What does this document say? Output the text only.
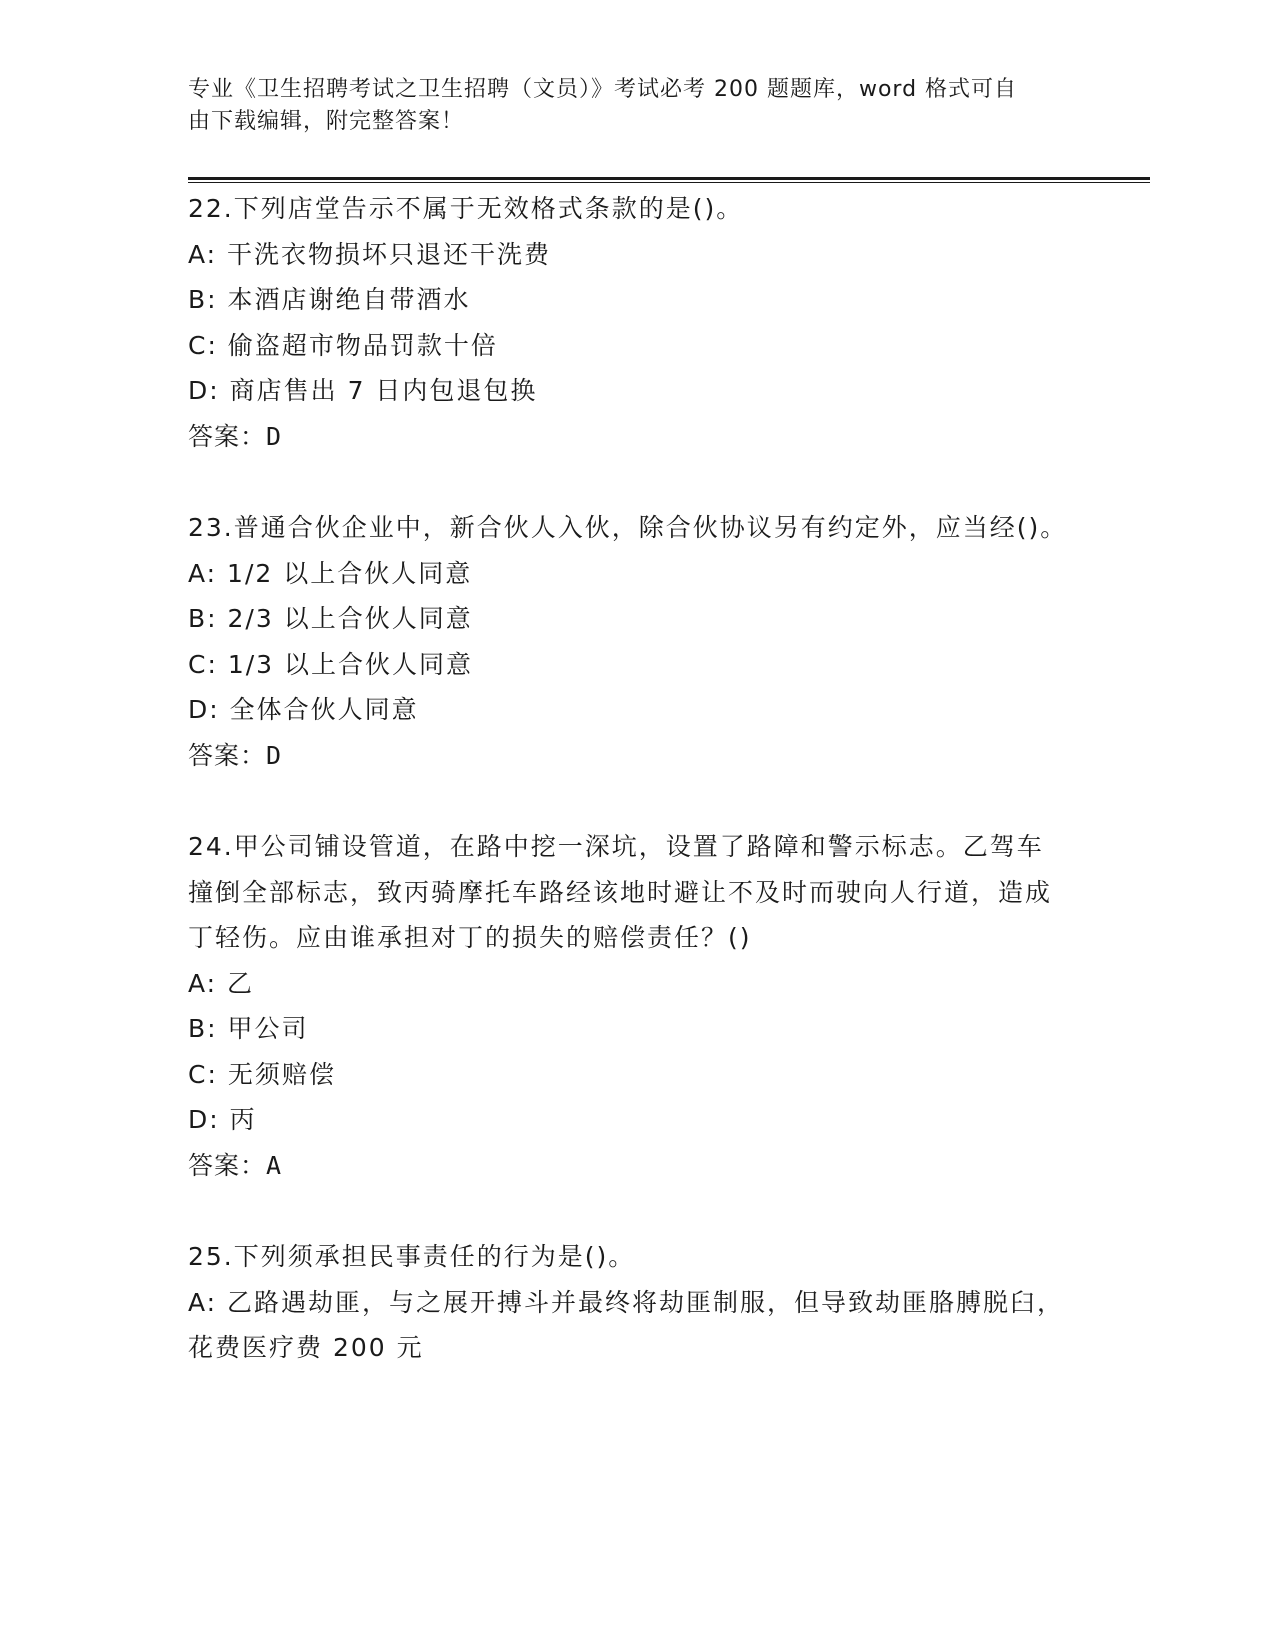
专业《卫生招聘考试之卫生招聘（文员）》考试必考 200 题题库，word 格式可自
由下载编辑，附完整答案！
22.下列店堂告示不属于无效格式条款的是()。
A: 干洗衣物损坏只退还干洗费
B: 本酒店谢绝自带酒水
C: 偷盗超市物品罚款十倍
D: 商店售出 7 日内包退包换
答案：D
23.普通合伙企业中，新合伙人入伙，除合伙协议另有约定外，应当经()。
A: 1/2 以上合伙人同意
B: 2/3 以上合伙人同意
C: 1/3 以上合伙人同意
D: 全体合伙人同意
答案：D
24.甲公司铺设管道，在路中挖一深坑，设置了路障和警示标志。乙驾车撞倒全部标志，致丙骑摩托车路经该地时避让不及时而驶向人行道，造成丁轻伤。应由谁承担对丁的损失的赔偿责任？()
A: 乙
B: 甲公司
C: 无须赔偿
D: 丙
答案：A
25.下列须承担民事责任的行为是()。
A: 乙路遇劫匪，与之展开搏斗并最终将劫匪制服，但导致劫匪胳膊脱臼，花费医疗费 200 元
